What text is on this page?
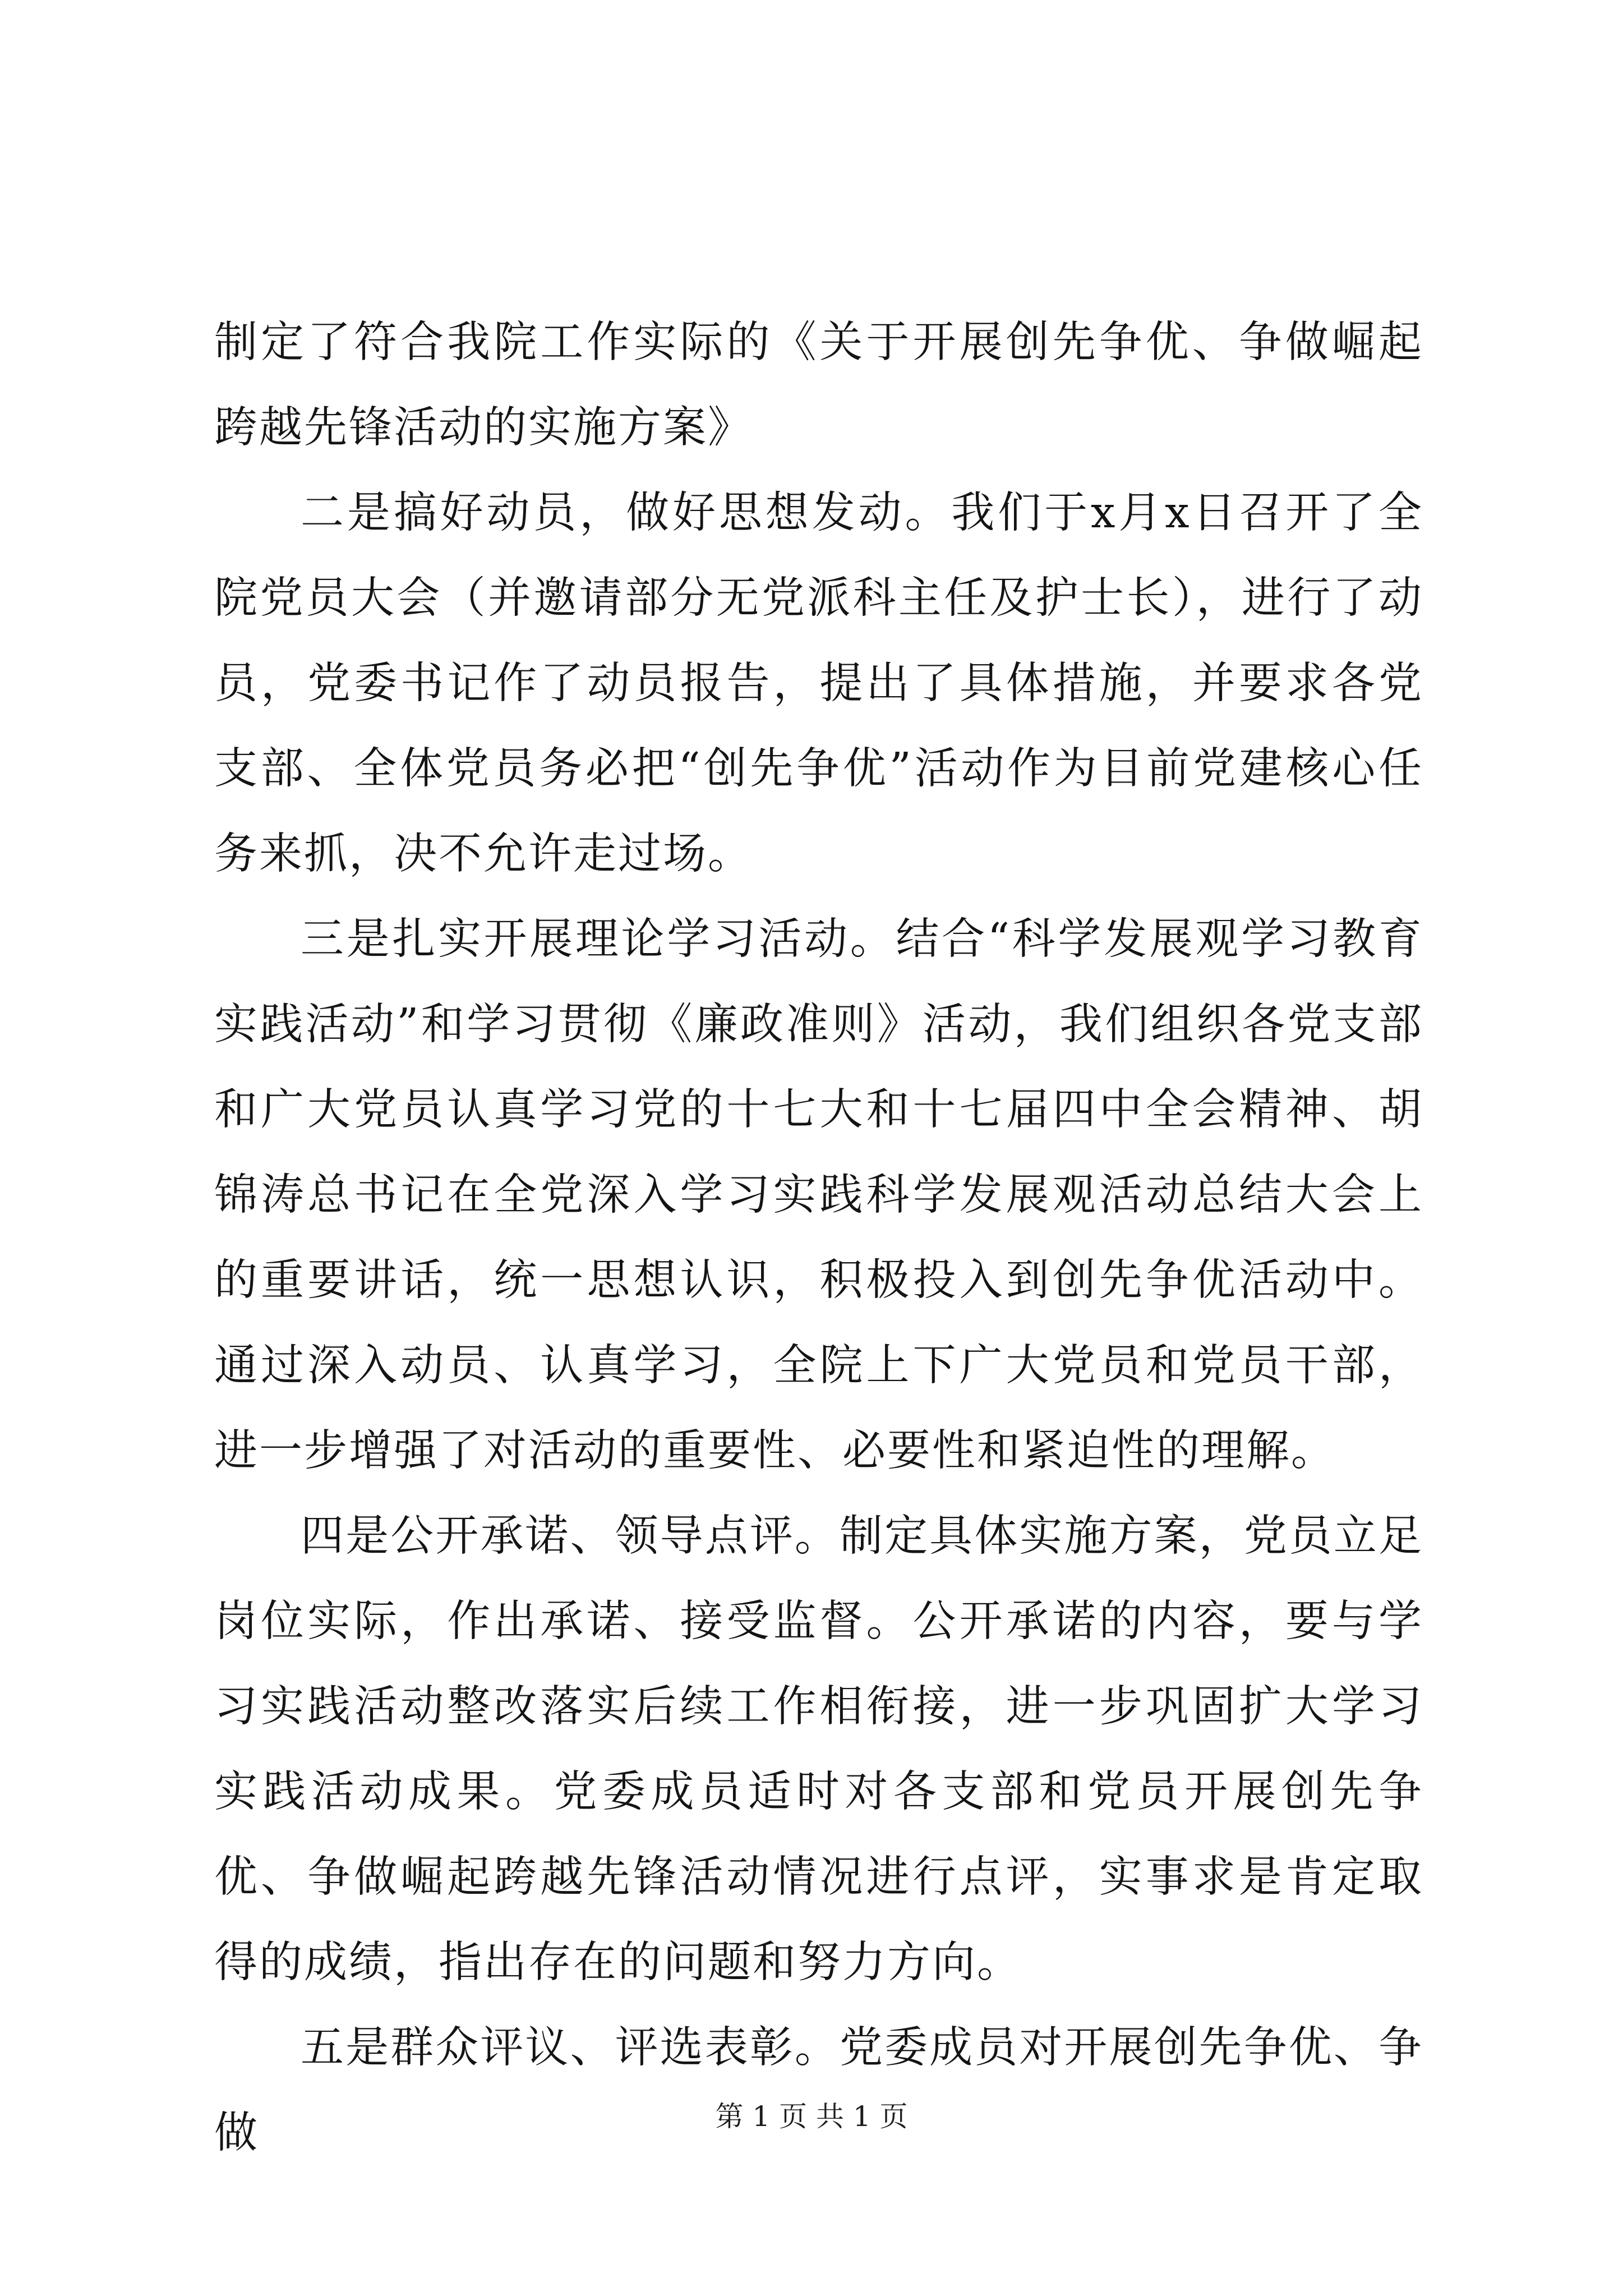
制定了符合我院工作实际的《关于开展创先争优、争做崛起跨越先锋活动的实施方案》

二是搞好动员，做好思想发动。我们于x月x日召开了全院党员大会（并邀请部分无党派科主任及护士长），进行了动员，党委书记作了动员报告，提出了具体措施，并要求各党支部、全体党员务必把“创先争优”活动作为目前党建核心任务来抓，决不允许走过场。

三是扎实开展理论学习活动。结合“科学发展观学习教育实践活动”和学习贯彻《廉政准则》活动，我们组织各党支部和广大党员认真学习党的十七大和十七届四中全会精神、胡锦涛总书记在全党深入学习实践科学发展观活动总结大会上的重要讲话，统一思想认识，积极投入到创先争优活动中。通过深入动员、认真学习，全院上下广大党员和党员干部，进一步增强了对活动的重要性、必要性和紧迫性的理解。

四是公开承诺、领导点评。制定具体实施方案，党员立足岗位实际，作出承诺、接受监督。公开承诺的内容，要与学习实践活动整改落实后续工作相衔接，进一步巩固扩大学习实践活动成果。党委成员适时对各支部和党员开展创先争优、争做崛起跨越先锋活动情况进行点评，实事求是肯定取得的成绩，指出存在的问题和努力方向。

五是群众评议、评选表彰。党委成员对开展创先争优、争做	第 1 页 共 1 页
